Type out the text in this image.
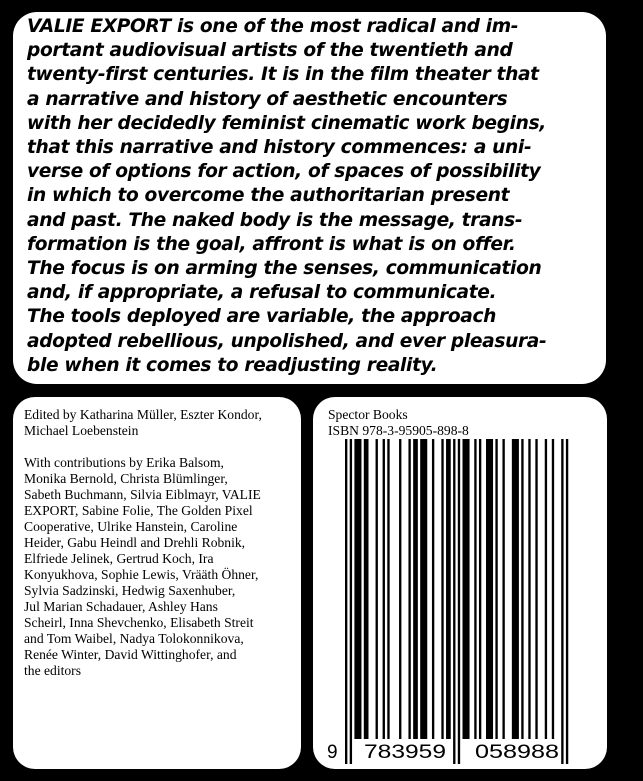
VALIE EXPORT is one of the most radical and im-
portant audiovisual artists of the twentieth and
twenty-first centuries. It is in the film theater that
a narrative and history of aesthetic encounters
with her decidedly feminist cinematic work begins,
that this narrative and history commences: a uni-
verse of options for action, of spaces of possibility
in which to overcome the authoritarian present
and past. The naked body is the message, trans-
formation is the goal, affront is what is on offer.
The focus is on arming the senses, communication
and, if appropriate, a refusal to communicate.
The tools deployed are variable, the approach
adopted rebellious, unpolished, and ever pleasura-
ble when it comes to readjusting reality.

Edited by Katharina Müller, Eszter Kondor,

Michael Loebenstein

With contributions by Erika Balsom,

Monika Bernold, Christa Blümlinger,

Sabeth Buchmann, Silvia Eiblmayr, VALIE

EXPORT, Sabine Folie, The Golden Pixel

Cooperative, Ulrike Hanstein, Caroline

Heider, Gabu Heindl and Drehli Robnik,

Elfriede Jelinek, Gertrud Koch, Ira

Konyukhova, Sophie Lewis, Vrääth Öhner,

Sylvia Sadzinski, Hedwig Saxenhuber,

Jul Marian Schadauer, Ashley Hans

Scheirl, Inna Shevchenko, Elisabeth Streit

and Tom Waibel, Nadya Tolokonnikova,

Renée Winter, David Wittinghofer, and

the editors

Spector Books
ISBN 978-3-95905-898-8
9 783959 058988
